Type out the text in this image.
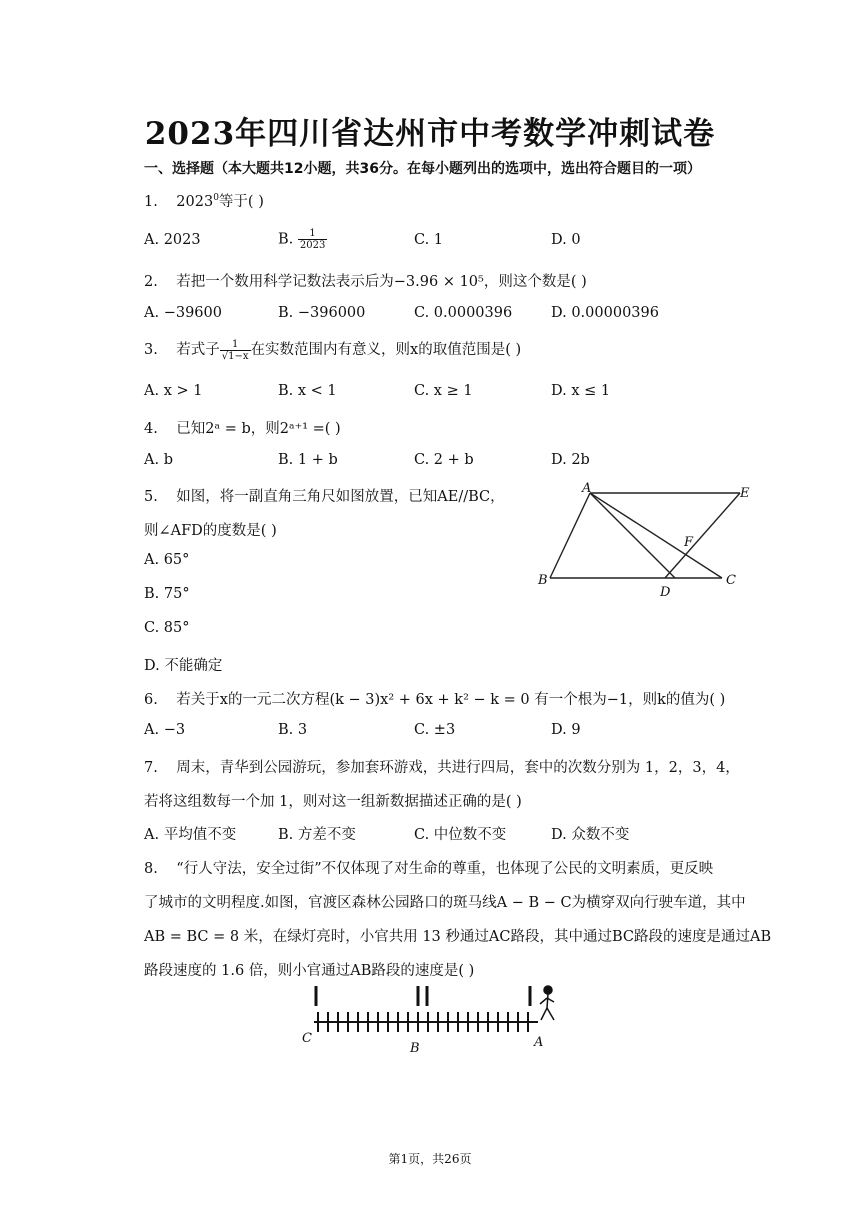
2023年四川省达州市中考数学冲刺试卷
一、选择题（本大题共12小题，共36分。在每小题列出的选项中，选出符合题目的一项）
1. 2023$^0$等于( )
A. 2023	B. $\frac{1}{2023}$	C. 1	D. 0
2. 若把一个数用科学记数法表示后为−3.96 × 10⁵，则这个数是( )
A. −39600	B. −396000	C. 0.0000396	D. 0.00000396
3. 若式子 $\frac{1}{√1-x}$ 在实数范围内有意义，则x的取值范围是( )
A. x > 1	B. x < 1	C. x ≥ 1	D. x ≤ 1
4. 已知2ᵃ = b，则2ᵃ⁺¹ =( )
A. b	B. 1 + b	C. 2 + b	D. 2b
5. 如图，将一副直角三角尺如图放置，已知AE//BC，
则∠AFD的度数是( )
A. 65°
B. 75°
C. 85°
D. 不能确定
A	E
F
B
D
C
6. 若关于x的一元二次方程(k − 3)x² + 6x + k² − k = 0 有一个根为−1，则k的值为( )
A. −3	B. 3	C. ±3	D. 9
7. 周末，青华到公园游玩，参加套环游戏，共进行四局，套中的次数分别为 1，2，3，4，
若将这组数每一个加 1，则对这一组新数据描述正确的是( )
A. 平均值不变	B. 方差不变	C. 中位数不变	D. 众数不变
8. “行人守法，安全过街”不仅体现了对生命的尊重，也体现了公民的文明素质，更反映
了城市的文明程度.如图，官渡区森林公园路口的斑马线A − B − C为横穿双向行驶车道，其中
AB = BC = 8 米，在绿灯亮时，小官共用 13 秒通过AC路段，其中通过BC路段的速度是通过AB
路段速度的 1.6 倍，则小官通过AB路段的速度是( )
C
B	A
第1页，共26页
